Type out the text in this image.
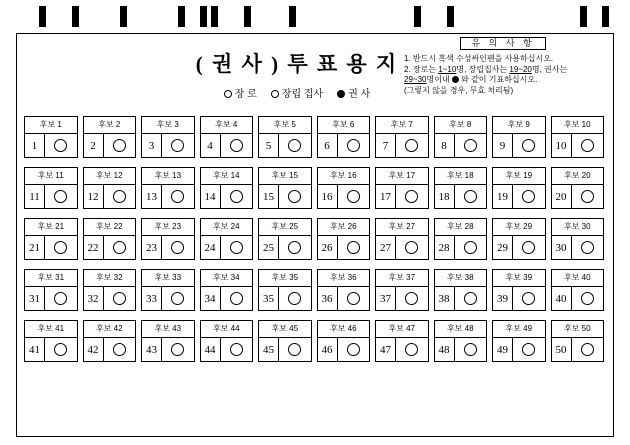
( 권 사 ) 투 표 용 지
장 로	장립 집사	권 사
유 의 사 항
1. 반드시 흑색 수성싸인펜을 사용하십시오.
2. 장로는 1~10명, 장립집사는 19~20명, 권사는
29~30명이내  와 같이 기표하십시오.
(그렇지 않을 경우, 무효 처리됨)
후보 1
1
후보 2
2
후보 3
3
후보 4
4
후보 5
5
후보 6
6
후보 7
7
후보 8
8
후보 9
9
후보 10
10
후보 11
11
후보 12
12
후보 13
13
후보 14
14
후보 15
15
후보 16
16
후보 17
17
후보 18
18
후보 19
19
후보 20
20
후보 21
21
후보 22
22
후보 23
23
후보 24
24
후보 25
25
후보 26
26
후보 27
27
후보 28
28
후보 29
29
후보 30
30
후보 31
31
후보 32
32
후보 33
33
후보 34
34
후보 35
35
후보 36
36
후보 37
37
후보 38
38
후보 39
39
후보 40
40
후보 41
41
후보 42
42
후보 43
43
후보 44
44
후보 45
45
후보 46
46
후보 47
47
후보 48
48
후보 49
49
후보 50
50
